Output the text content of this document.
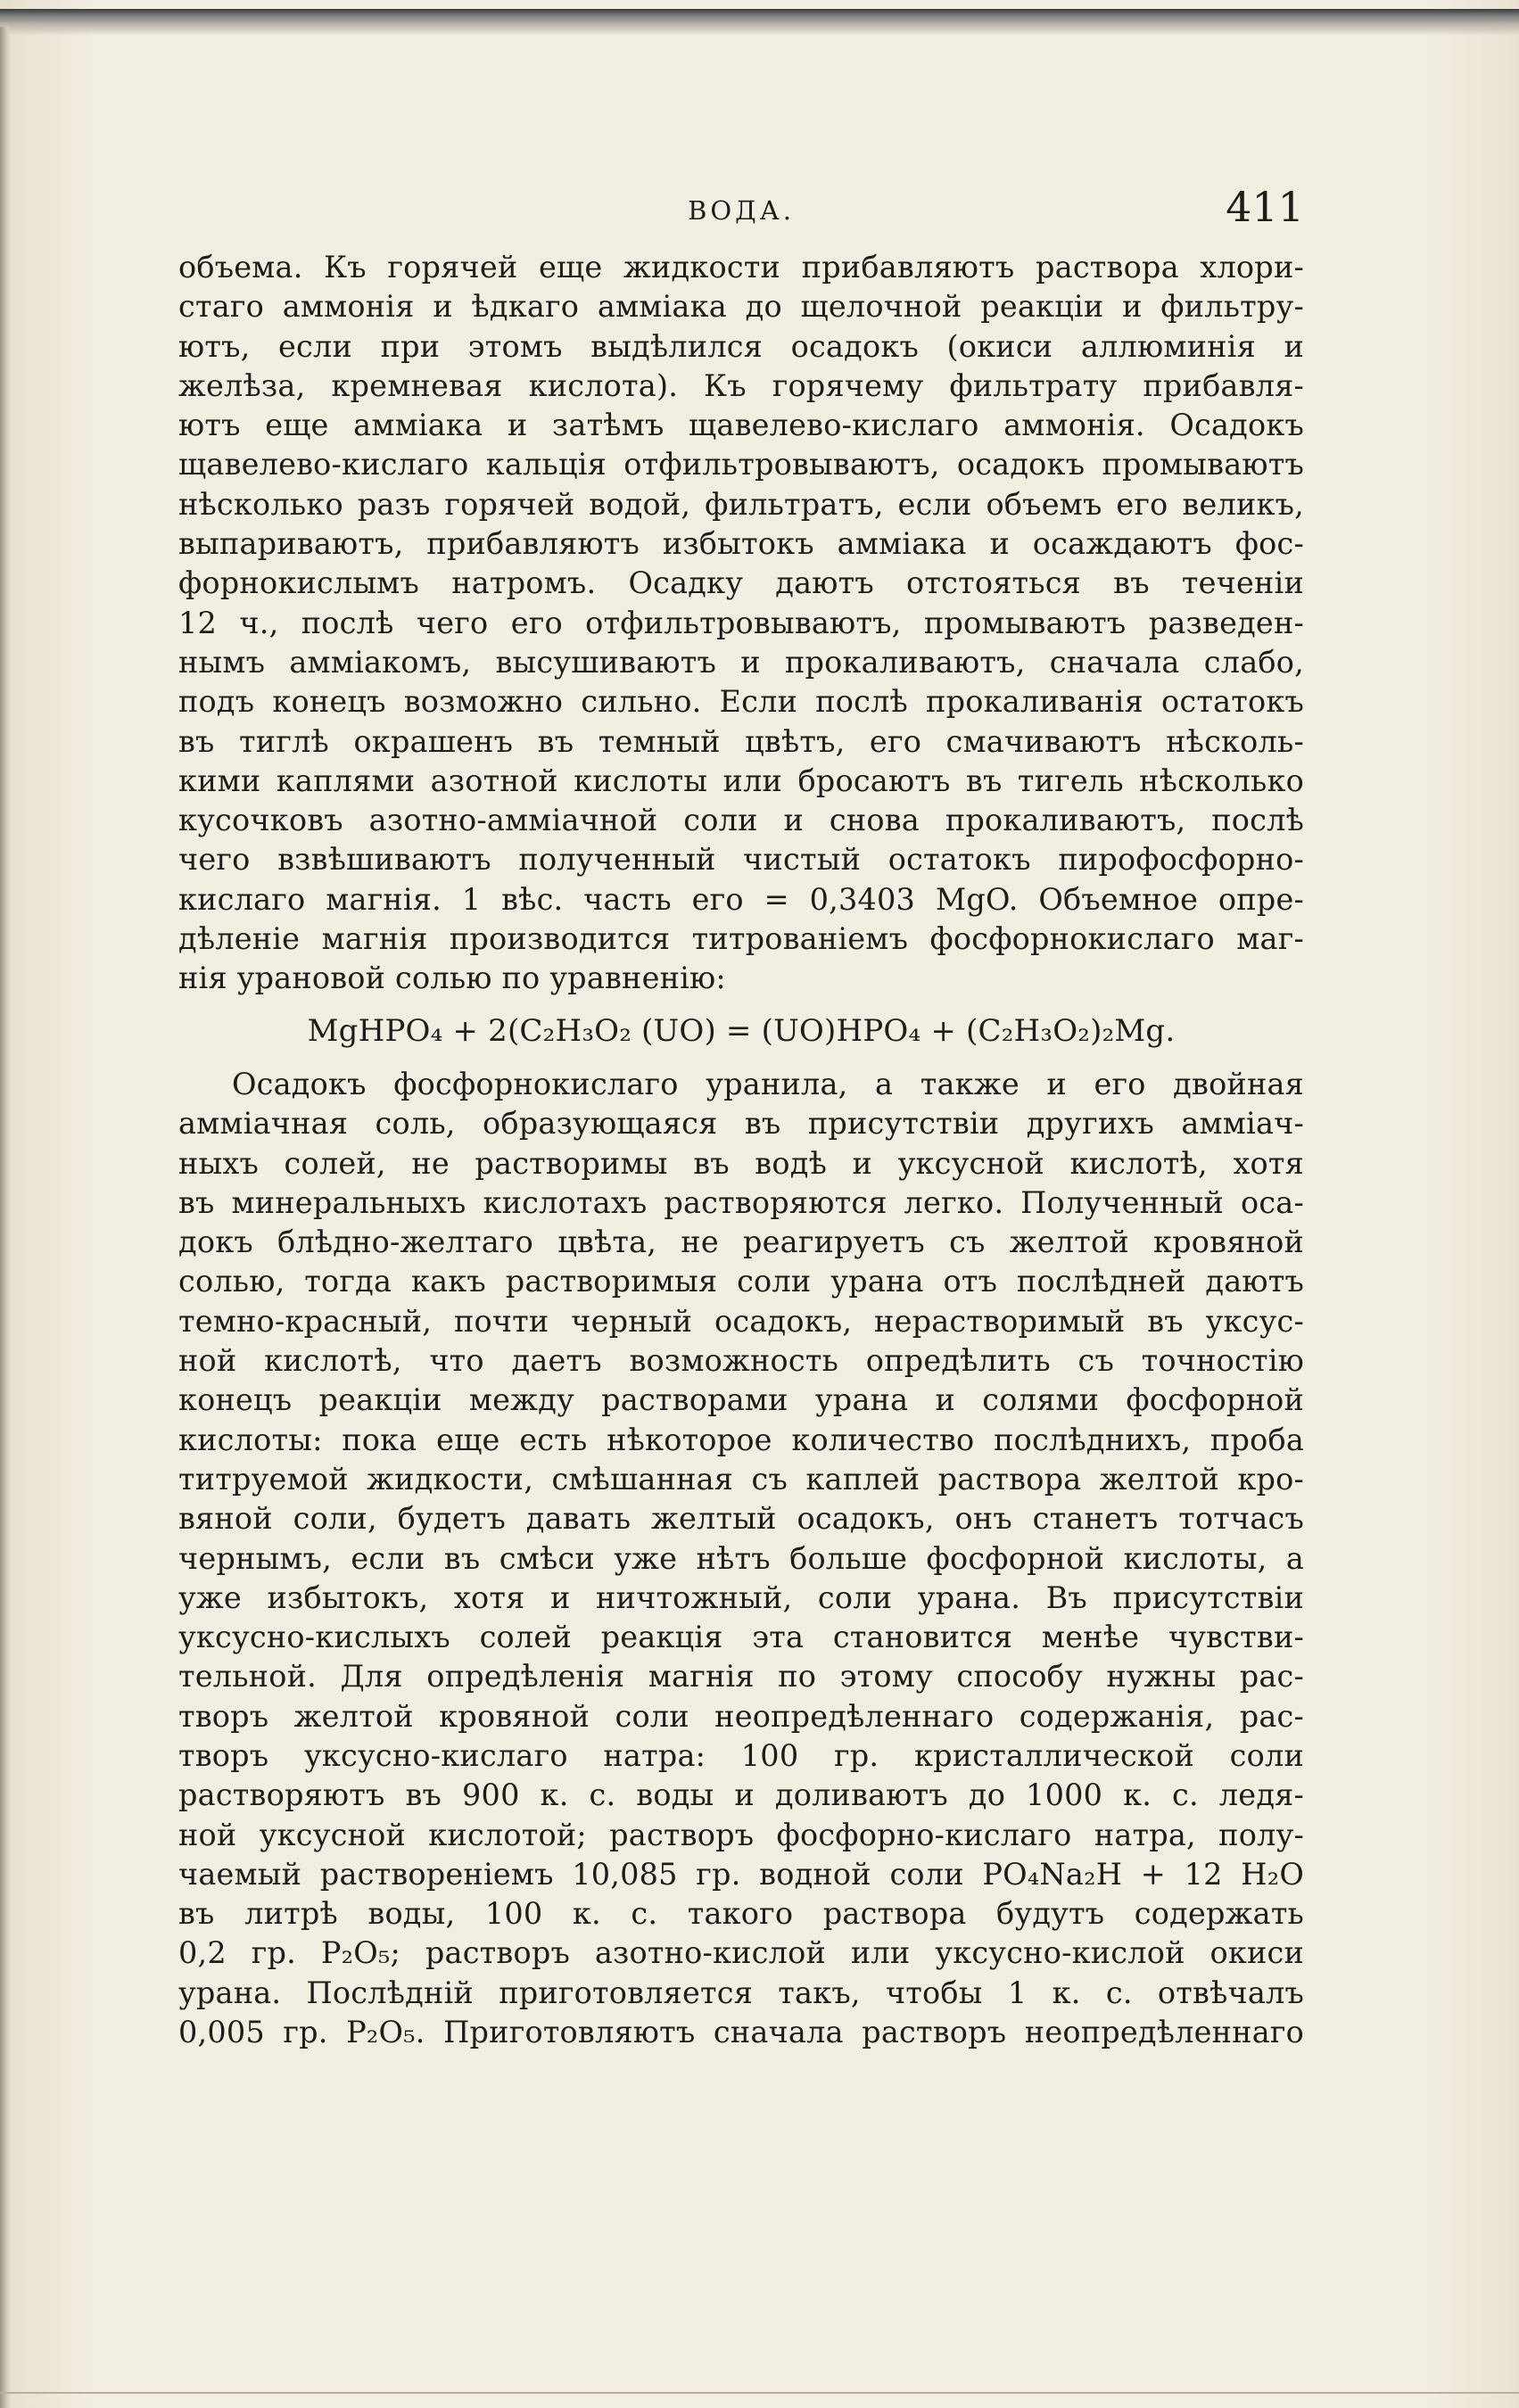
ВОДА.	411
объема. Къ горячей еще жидкости прибавляютъ раствора хлори-
стаго аммонія и ѣдкаго амміака до щелочной реакціи и фильтру-
ютъ, если при этомъ выдѣлился осадокъ (окиси аллюминія и
желѣза, кремневая кислота). Къ горячему фильтрату прибавля-
ютъ еще амміака и затѣмъ щавелево-кислаго аммонія. Осадокъ
щавелево-кислаго кальція отфильтровываютъ, осадокъ промываютъ
нѣсколько разъ горячей водой, фильтратъ, если объемъ его великъ,
выпариваютъ, прибавляютъ избытокъ амміака и осаждаютъ фос-
форнокислымъ натромъ. Осадку даютъ отстояться въ теченіи
12 ч., послѣ чего его отфильтровываютъ, промываютъ разведен-
нымъ амміакомъ, высушиваютъ и прокаливаютъ, сначала слабо,
подъ конецъ возможно сильно. Если послѣ прокаливанія остатокъ
въ тиглѣ окрашенъ въ темный цвѣтъ, его смачиваютъ нѣсколь-
кими каплями азотной кислоты или бросаютъ въ тигель нѣсколько
кусочковъ азотно-амміачной соли и снова прокаливаютъ, послѣ
чего взвѣшиваютъ полученный чистый остатокъ пирофосфорно-
кислаго магнія. 1 вѣс. часть его = 0,3403 MgO. Объемное опре-
дѣленіе магнія производится титрованіемъ фосфорнокислаго маг-
нія урановой солью по уравненію:
MgHPO₄ + 2(C₂H₃O₂ (UO) = (UO)HPO₄ + (C₂H₃O₂)₂Mg.
Осадокъ фосфорнокислаго уранила, а также и его двойная
амміачная соль, образующаяся въ присутствіи другихъ амміач-
ныхъ солей, не растворимы въ водѣ и уксусной кислотѣ, хотя
въ минеральныхъ кислотахъ растворяются легко. Полученный оса-
докъ блѣдно-желтаго цвѣта, не реагируетъ съ желтой кровяной
солью, тогда какъ растворимыя соли урана отъ послѣдней даютъ
темно-красный, почти черный осадокъ, нерастворимый въ уксус-
ной кислотѣ, что даетъ возможность опредѣлить съ точностію
конецъ реакціи между растворами урана и солями фосфорной
кислоты: пока еще есть нѣкоторое количество послѣднихъ, проба
титруемой жидкости, смѣшанная съ каплей раствора желтой кро-
вяной соли, будетъ давать желтый осадокъ, онъ станетъ тотчасъ
чернымъ, если въ смѣси уже нѣтъ больше фосфорной кислоты, а
уже избытокъ, хотя и ничтожный, соли урана. Въ присутствіи
уксусно-кислыхъ солей реакція эта становится менѣе чувстви-
тельной. Для опредѣленія магнія по этому способу нужны рас-
творъ желтой кровяной соли неопредѣленнаго содержанія, рас-
творъ уксусно-кислаго натра: 100 гр. кристаллической соли
растворяютъ въ 900 к. с. воды и доливаютъ до 1000 к. с. ледя-
ной уксусной кислотой; растворъ фосфорно-кислаго натра, полу-
чаемый раствореніемъ 10,085 гр. водной соли PO₄Na₂H + 12 H₂O
въ литрѣ воды, 100 к. с. такого раствора будутъ содержать
0,2 гр. P₂O₅; растворъ азотно-кислой или уксусно-кислой окиси
урана. Послѣдній приготовляется такъ, чтобы 1 к. с. отвѣчалъ
0,005 гр. P₂O₅. Приготовляютъ сначала растворъ неопредѣленнаго
